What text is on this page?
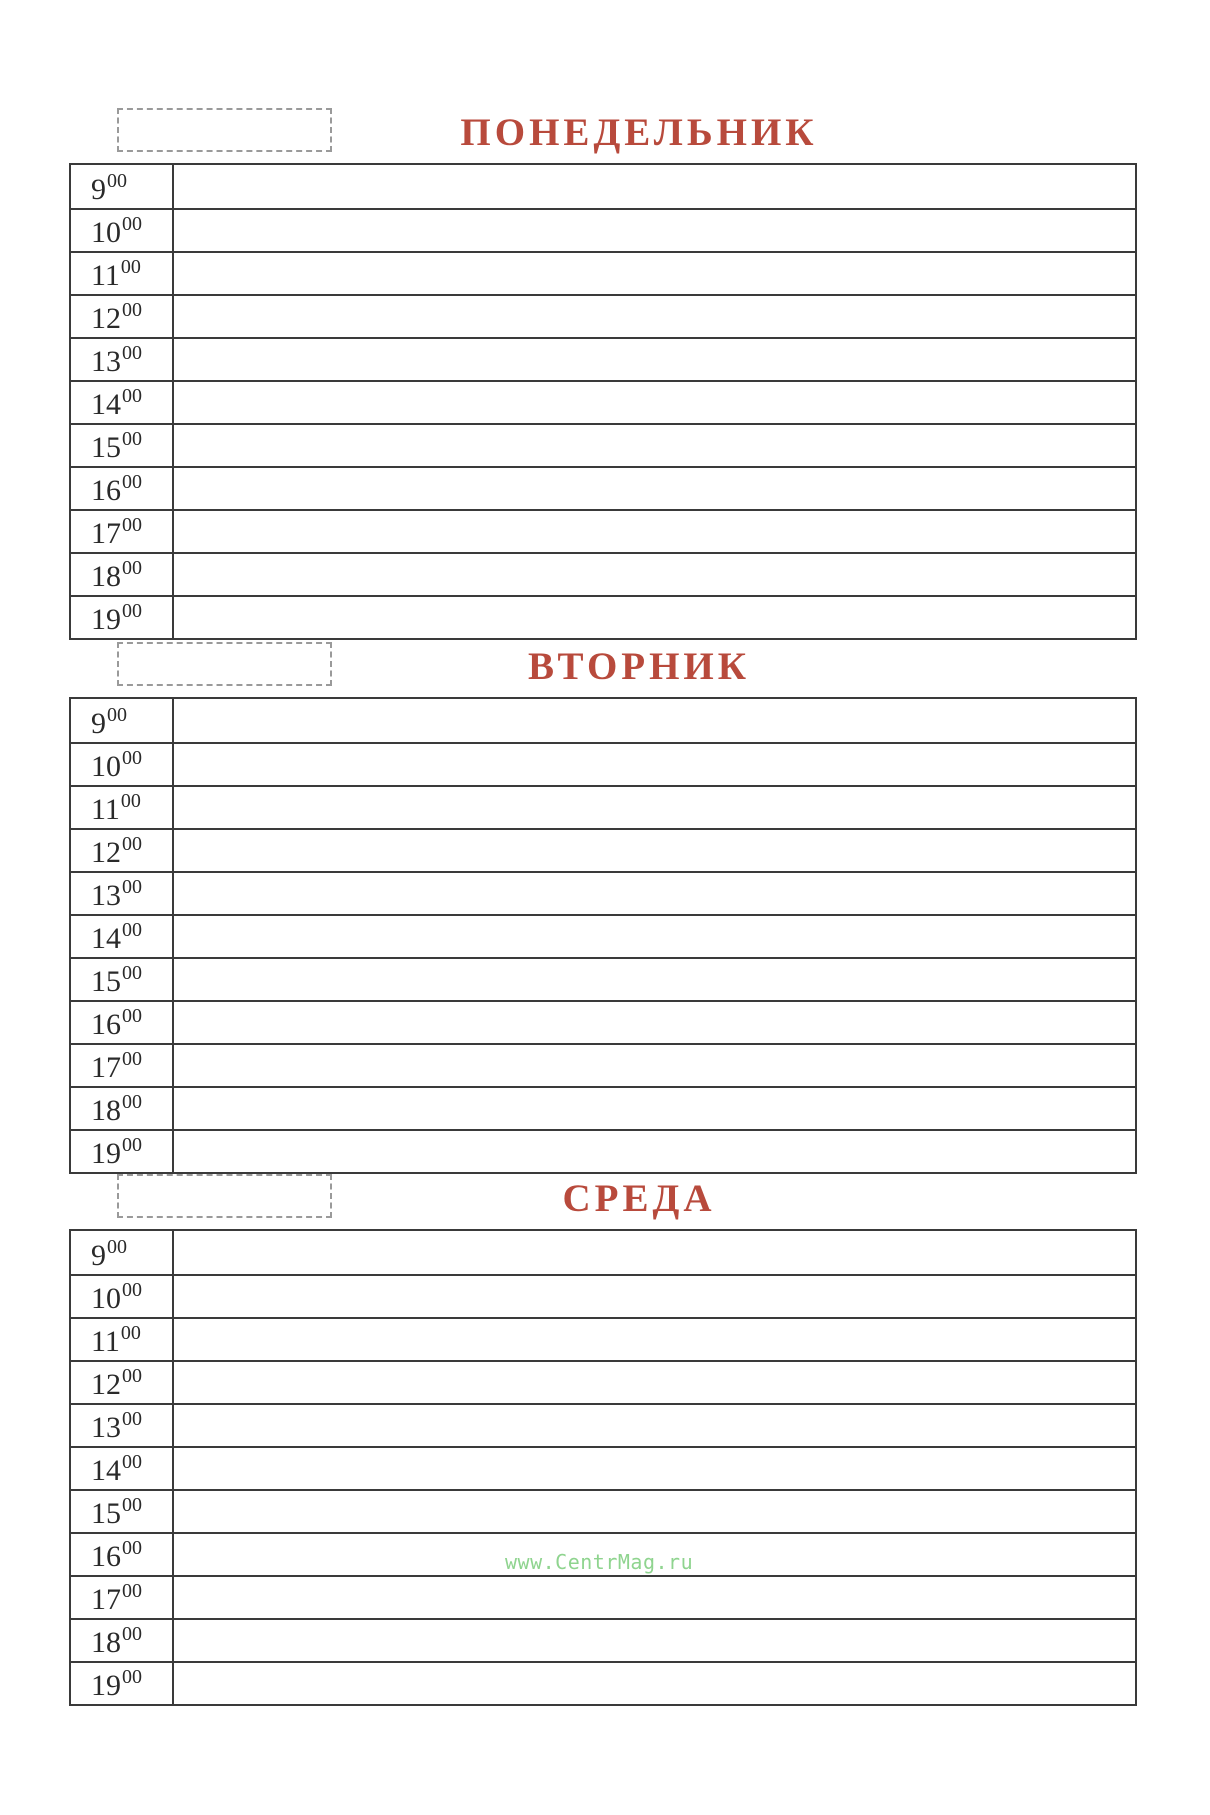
ПОНЕДЕЛЬНИК
9 00
10 00
11 00
12 00
13 00
14 00
15 00
16 00
17 00
18 00
19 00
ВТОРНИК
9 00
10 00
11 00
12 00
13 00
14 00
15 00
16 00
17 00
18 00
19 00
СРЕДА
9 00
10 00
11 00
12 00
13 00
14 00
15 00
16 00
17 00
18 00
19 00
www.CentrMag.ru
